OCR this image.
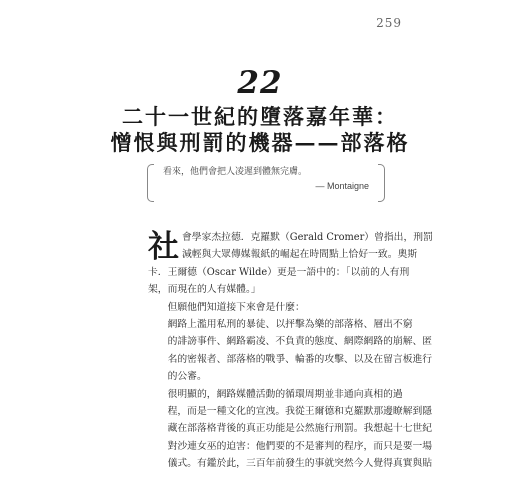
259
22
二十一世紀的墮落嘉年華：
憎恨與刑罰的機器——部落格
看來，他們會把人凌遲到體無完膚。
— Montaigne

社 會學家杰拉德．克羅默（Gerald Cromer）曾指出，刑罰
減輕與大眾傳媒報紙的崛起在時間點上恰好一致。奧斯
卡．王爾德（Oscar Wilde）更是一語中的：「以前的人有刑
架，而現在的人有媒體。」

但願他們知道接下來會是什麼：

網路上濫用私刑的暴徒、以抨擊為樂的部落格、層出不窮
的誹謗事件、網路霸凌、不負責的態度、網際網路的崩解、匿
名的密報者、部落格的戰爭、輪番的攻擊、以及在留言板進行
的公審。

很明顯的，網路媒體活動的循環周期並非通向真相的過
程，而是一種文化的宣洩。我從王爾德和克羅默那邊瞭解到隱
藏在部落格背後的真正功能是公然施行刑罰。我想起十七世紀
對沙連女巫的迫害：他們要的不是審判的程序，而只是要一場
儀式。有鑑於此，三百年前發生的事就突然今人覺得真實與貼
